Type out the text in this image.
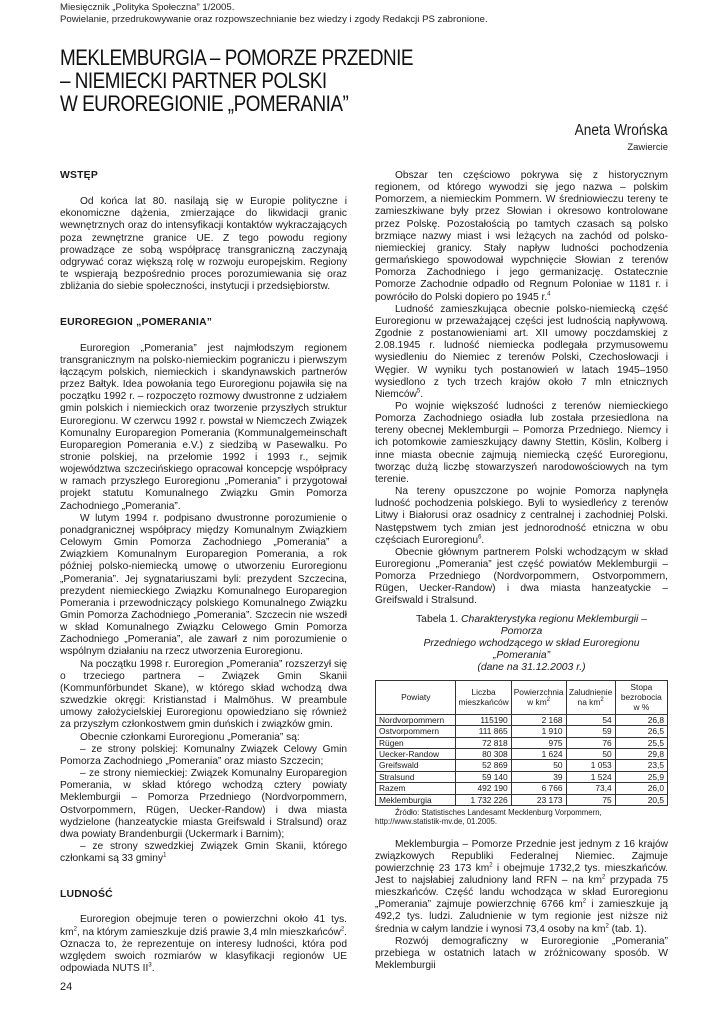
Miesięcznik „Polityka Społeczna” 1/2005.
Powielanie, przedrukowywanie oraz rozpowszechnianie bez wiedzy i zgody Redakcji PS zabronione.
MEKLEMBURGIA – POMORZE PRZEDNIE
– NIEMIECKI PARTNER POLSKI
W EUROREGIONIE „POMERANIA”
Aneta Wrońska
Zawiercie
WSTĘP

Od końca lat 80. nasilają się w Europie polityczne i ekonomiczne dążenia, zmierzające do likwidacji granic wewnętrznych oraz do intensyfikacji kontaktów wykraczających poza zewnętrzne granice UE. Z tego powodu regiony prowadzące ze sobą współpracę transgraniczną zaczynają odgrywać coraz większą rolę w rozwoju europejskim. Regiony te wspierają bezpośrednio proces porozumiewania się oraz zbliżania do siebie społeczności, instytucji i przedsiębiorstw.

EUROREGION „POMERANIA”

Euroregion „Pomerania” jest najmłodszym regionem transgranicznym na polsko-niemieckim pograniczu i pierwszym łączącym polskich, niemieckich i skandynawskich partnerów przez Bałtyk. Idea powołania tego Euroregionu pojawiła się na początku 1992 r. – rozpoczęto rozmowy dwustronne z udziałem gmin polskich i niemieckich oraz tworzenie przyszłych struktur Euroregionu. W czerwcu 1992 r. powstał w Niemczech Związek Komunalny Europaregion Pomerania (Kommunalgemeinschaft Europaregion Pomerania e.V.) z siedzibą w Pasewalku. Po stronie polskiej, na przełomie 1992 i 1993 r., sejmik województwa szczecińskiego opracował koncepcję współpracy w ramach przyszłego Euroregionu „Pomerania” i przygotował projekt statutu Komunalnego Związku Gmin Pomorza Zachodniego „Pomerania”.

W lutym 1994 r. podpisano dwustronne porozumienie o ponadgranicznej współpracy między Komunalnym Związkiem Celowym Gmin Pomorza Zachodniego „Pomerania” a Związkiem Komunalnym Europaregion Pomerania, a rok później polsko-niemiecką umowę o utworzeniu Euroregionu „Pomerania”. Jej sygnatariuszami byli: prezydent Szczecina, prezydent niemieckiego Związku Komunalnego Europaregion Pomerania i przewodniczący polskiego Komunalnego Związku Gmin Pomorza Zachodniego „Pomerania”. Szczecin nie wszedł w skład Komunalnego Związku Celowego Gmin Pomorza Zachodniego „Pomerania”, ale zawarł z nim porozumienie o wspólnym działaniu na rzecz utworzenia Euroregionu.

Na początku 1998 r. Euroregion „Pomerania” rozszerzył się o trzeciego partnera – Związek Gmin Skanii (Kommunförbundet Skane), w którego skład wchodzą dwa szwedzkie okręgi: Kristianstad i Malmöhus. W preambule umowy założycielskiej Euroregionu opowiedziano się również za przyszłym członkostwem gmin duńskich i związków gmin.

Obecnie członkami Euroregionu „Pomerania” są:

– ze strony polskiej: Komunalny Związek Celowy Gmin Pomorza Zachodniego „Pomerania” oraz miasto Szczecin;

– ze strony niemieckiej: Związek Komunalny Europaregion Pomerania, w skład którego wchodzą cztery powiaty Meklemburgii – Pomorza Przedniego (Nordvorpommern, Ostvorpommern, Rügen, Uecker-Randow) i dwa miasta wydzielone (hanzeatyckie miasta Greifswald i Stralsund) oraz dwa powiaty Brandenburgii (Uckermark i Barnim);

– ze strony szwedzkiej Związek Gmin Skanii, którego członkami są 33 gminy$^1$

LUDNOŚĆ

Euroregion obejmuje teren o powierzchni około 41 tys. $km^2$, na którym zamieszkuje dziś prawie 3,4 mln mieszkańców$^2$. Oznacza to, że reprezentuje on interesy ludności, która pod względem swoich rozmiarów w klasyfikacji regionów UE odpowiada NUTS $II^3$.

Obszar ten częściowo pokrywa się z historycznym regionem, od którego wywodzi się jego nazwa – polskim Pomorzem, a niemieckim Pommern. W średniowieczu tereny te zamieszkiwane były przez Słowian i okresowo kontrolowane przez Polskę. Pozostałością po tamtych czasach są polsko brzmiące nazwy miast i wsi leżących na zachód od polsko-niemieckiej granicy. Stały napływ ludności pochodzenia germańskiego spowodował wypchnięcie Słowian z terenów Pomorza Zachodniego i jego germanizację. Ostatecznie Pomorze Zachodnie odpadło od Regnum Poloniae w 1181 r. i powróciło do Polski dopiero po 1945 r.$^4$

Ludność zamieszkująca obecnie polsko-niemiecką część Euroregionu w przeważającej części jest ludnością napływową. Zgodnie z postanowieniami art. XII umowy poczdamskiej z 2.08.1945 r. ludność niemiecka podlegała przymusowemu wysiedleniu do Niemiec z terenów Polski, Czechosłowacji i Węgier. W wyniku tych postanowień w latach 1945–1950 wysiedlono z tych trzech krajów około 7 mln etnicznych Niemców$^5$.

Po wojnie większość ludności z terenów niemieckiego Pomorza Zachodniego osiadła lub została przesiedlona na tereny obecnej Meklemburgii – Pomorza Przedniego. Niemcy i ich potomkowie zamieszkujący dawny Stettin, Köslin, Kolberg i inne miasta obecnie zajmują niemiecką część Euroregionu, tworząc dużą liczbę stowarzyszeń narodowościowych na tym terenie.

Na tereny opuszczone po wojnie Pomorza napłynęła ludność pochodzenia polskiego. Byli to wysiedleńcy z terenów Litwy i Białorusi oraz osadnicy z centralnej i zachodniej Polski. Następstwem tych zmian jest jednorodność etniczna w obu częściach Euroregionu$^6$.

Obecnie głównym partnerem Polski wchodzącym w skład Euroregionu „Pomerania” jest część powiatów Meklemburgii – Pomorza Przedniego (Nordvorpommern, Ostvorpommern, Rügen, Uecker-Randow) i dwa miasta hanzeatyckie – Greifswald i Stralsund.

Tabela 1. Charakterystyka regionu Meklemburgii – Pomorza

Przedniego wchodzącego w skład Euroregionu „Pomerania”

(dane na 31.12.2003 r.)

Powiaty	Liczba mieszkańców	Powierzchnia w $km^2$	Zaludnienie na $km^2$	Stopa bezrobocia w %
Nordvorpommern	115190	2 168	54	26,8
Ostvorpommern	111 865	1 910	59	26,5
Rügen	72 818	975	76	25,5
Uecker-Randow	80 308	1 624	50	29,8
Greifswald	52 869	50	1 053	23,5
Stralsund	59 140	39	1 524	25,9
Razem	492 190	6 766	73,4	26,0
Meklemburgia	1 732 226	23 173	75	20,5

Źródło: Statistisches Landesamt Mecklenburg Vorpommern, http://www.statistik-mv.de, 01.2005.

Meklemburgia – Pomorze Przednie jest jednym z 16 krajów związkowych Republiki Federalnej Niemiec. Zajmuje powierzchnię 23 173 $km^2$ i obejmuje 1732,2 tys. mieszkańców. Jest to najsłabiej zaludniony land RFN – na $km^2$ przypada 75 mieszkańców. Część landu wchodząca w skład Euroregionu „Pomerania” zajmuje powierzchnię 6766 $km^2$ i zamieszkuje ją 492,2 tys. ludzi. Zaludnienie w tym regionie jest niższe niż średnia w całym landzie i wynosi 73,4 osoby na $km^2$ (tab. 1).

Rozwój demograficzny w Euroregionie „Pomerania” przebiega w ostatnich latach w zróżnicowany sposób. W Meklemburgii

24
